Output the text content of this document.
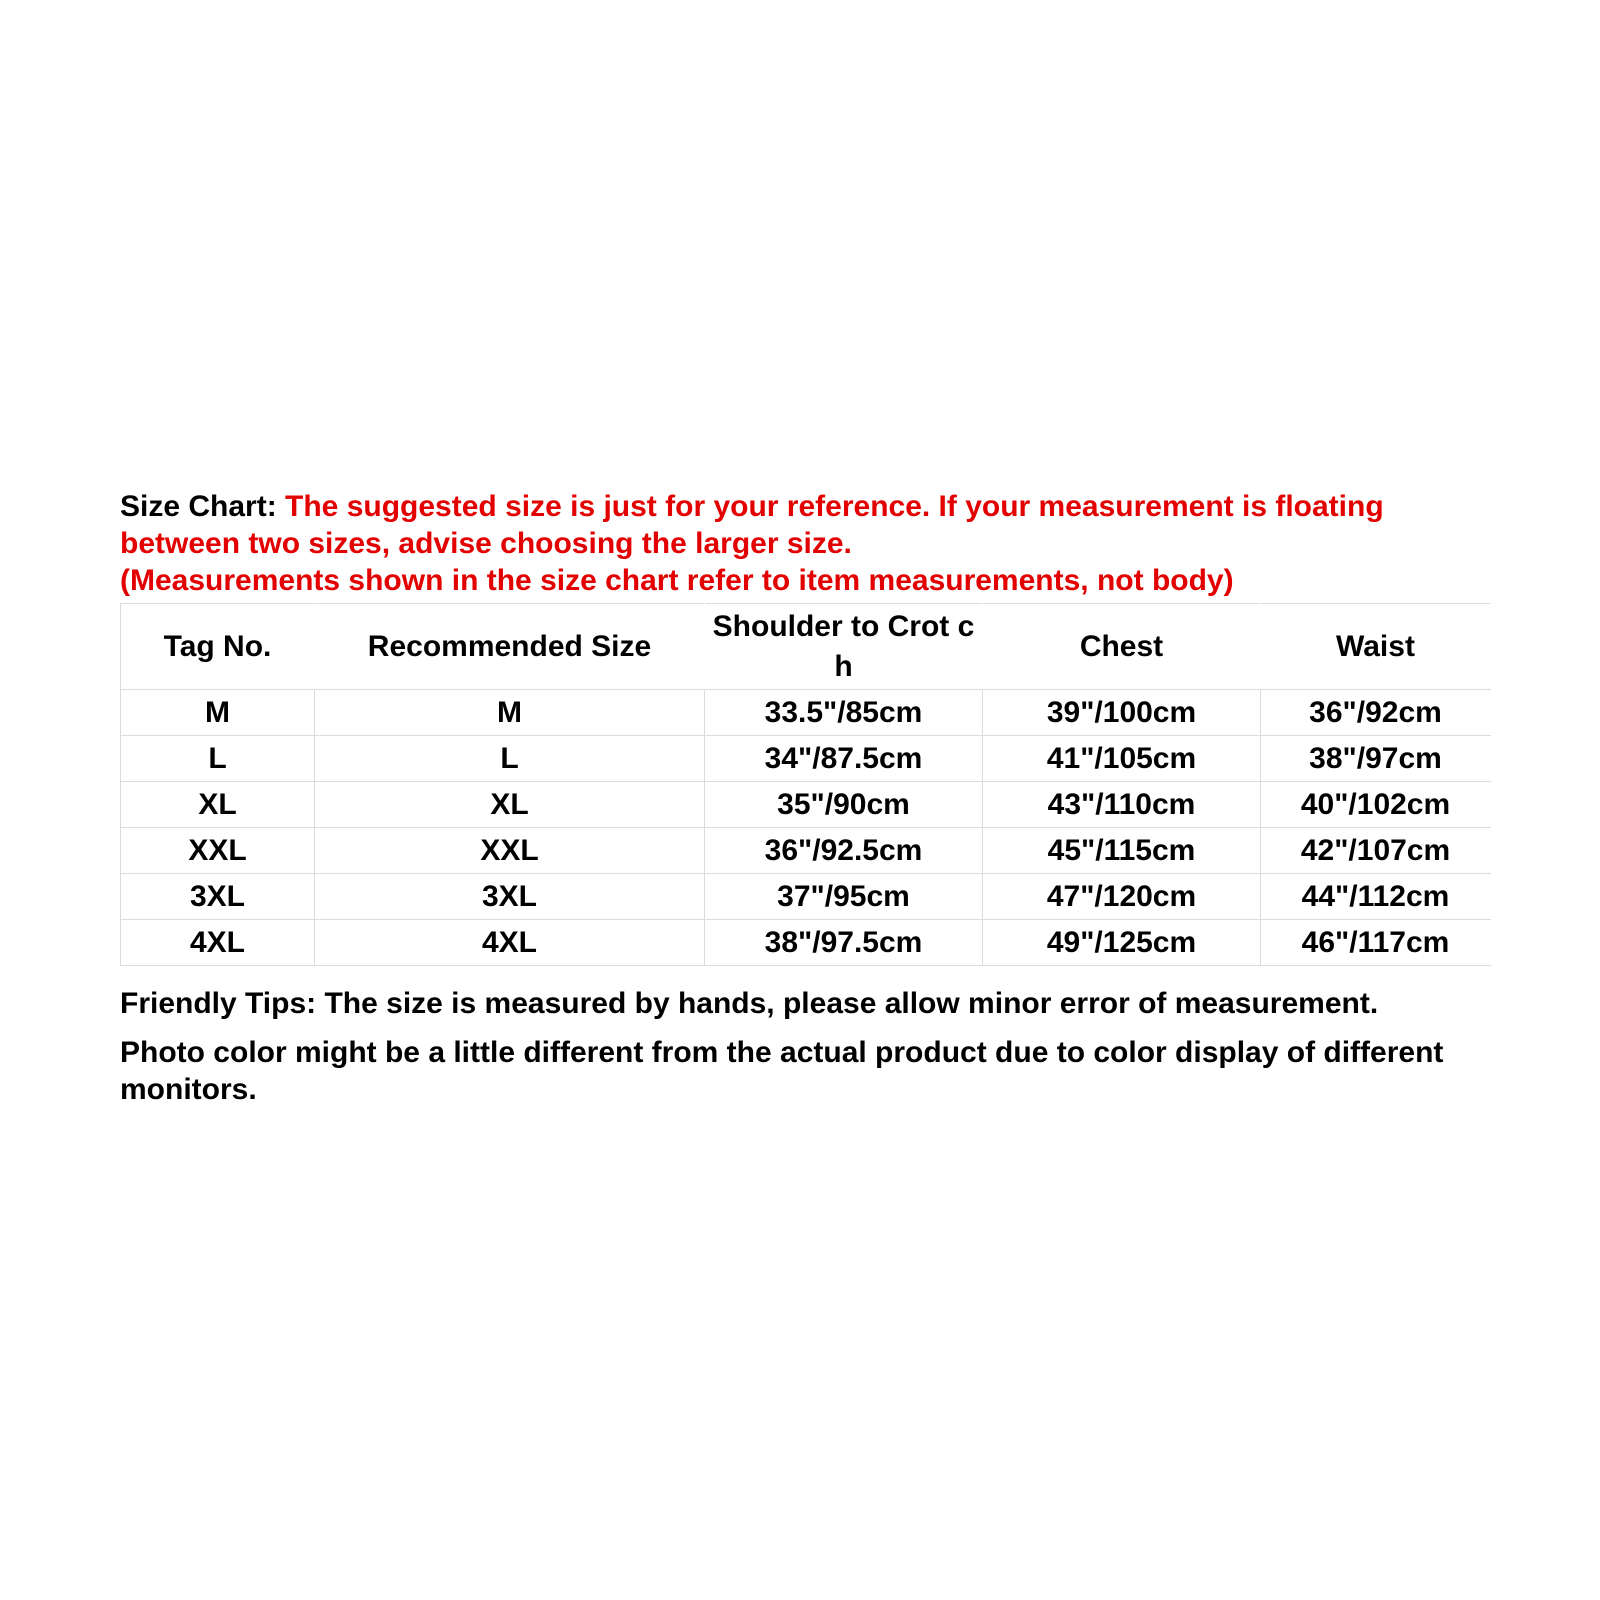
Size Chart: The suggested size is just for your reference. If your measurement is floating between two sizes, advise choosing the larger size.
(Measurements shown in the size chart refer to item measurements, not body)

Tag No.	Recommended Size	Shoulder to Crot ch	Chest	Waist
M	M	33.5"/85cm	39"/100cm	36"/92cm
L	L	34"/87.5cm	41"/105cm	38"/97cm
XL	XL	35"/90cm	43"/110cm	40"/102cm
XXL	XXL	36"/92.5cm	45"/115cm	42"/107cm
3XL	3XL	37"/95cm	47"/120cm	44"/112cm
4XL	4XL	38"/97.5cm	49"/125cm	46"/117cm

Friendly Tips: The size is measured by hands, please allow minor error of measurement.

Photo color might be a little different from the actual product due to color display of different monitors.
